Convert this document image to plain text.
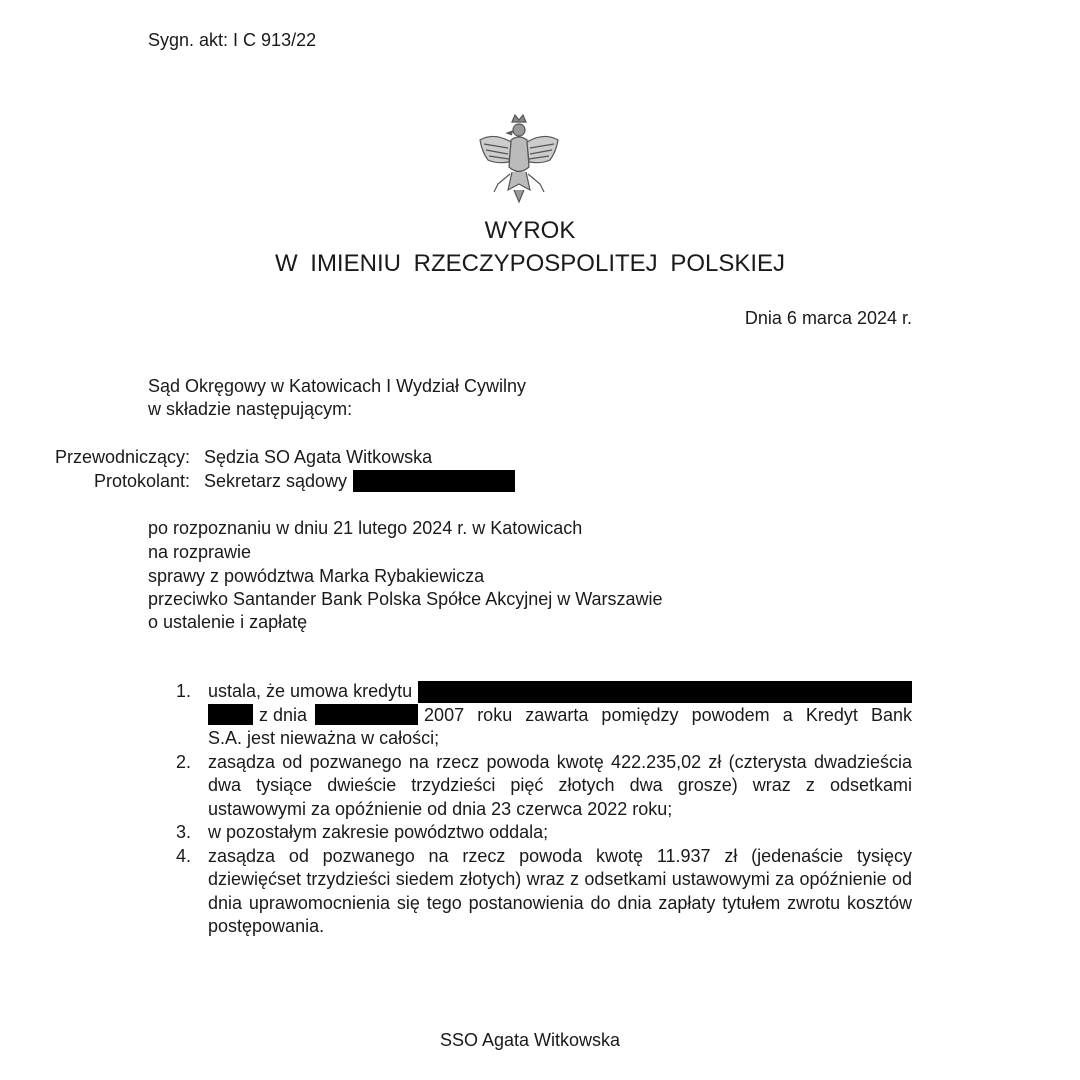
Sygn. akt: I C 913/22
WYROK
W IMIENIU RZECZYPOSPOLITEJ POLSKIEJ
Dnia 6 marca 2024 r.
Sąd Okręgowy w Katowicach I Wydział Cywilny
w składzie następującym:
Przewodniczący: Sędzia SO Agata Witkowska
Protokolant: Sekretarz sądowy
po rozpoznaniu w dniu 21 lutego 2024 r. w Katowicach
na rozprawie
sprawy z powództwa Marka Rybakiewicza
przeciwko Santander Bank Polska Spółce Akcyjnej w Warszawie
o ustalenie i zapłatę
1. ustala, że umowa kredytu
z dnia	2007 roku zawarta pomiędzy powodem a Kredyt Bank
S.A. jest nieważna w całości;
2. zasądza od pozwanego na rzecz powoda kwotę 422.235,02 zł (czterysta dwadzieścia dwa tysiące dwieście trzydzieści pięć złotych dwa grosze) wraz z odsetkami ustawowymi za opóźnienie od dnia 23 czerwca 2022 roku;
3. w pozostałym zakresie powództwo oddala;
4. zasądza od pozwanego na rzecz powoda kwotę 11.937 zł (jedenaście tysięcy dziewięćset trzydzieści siedem złotych) wraz z odsetkami ustawowymi za opóźnienie od dnia uprawomocnienia się tego postanowienia do dnia zapłaty tytułem zwrotu kosztów postępowania.
SSO Agata Witkowska
